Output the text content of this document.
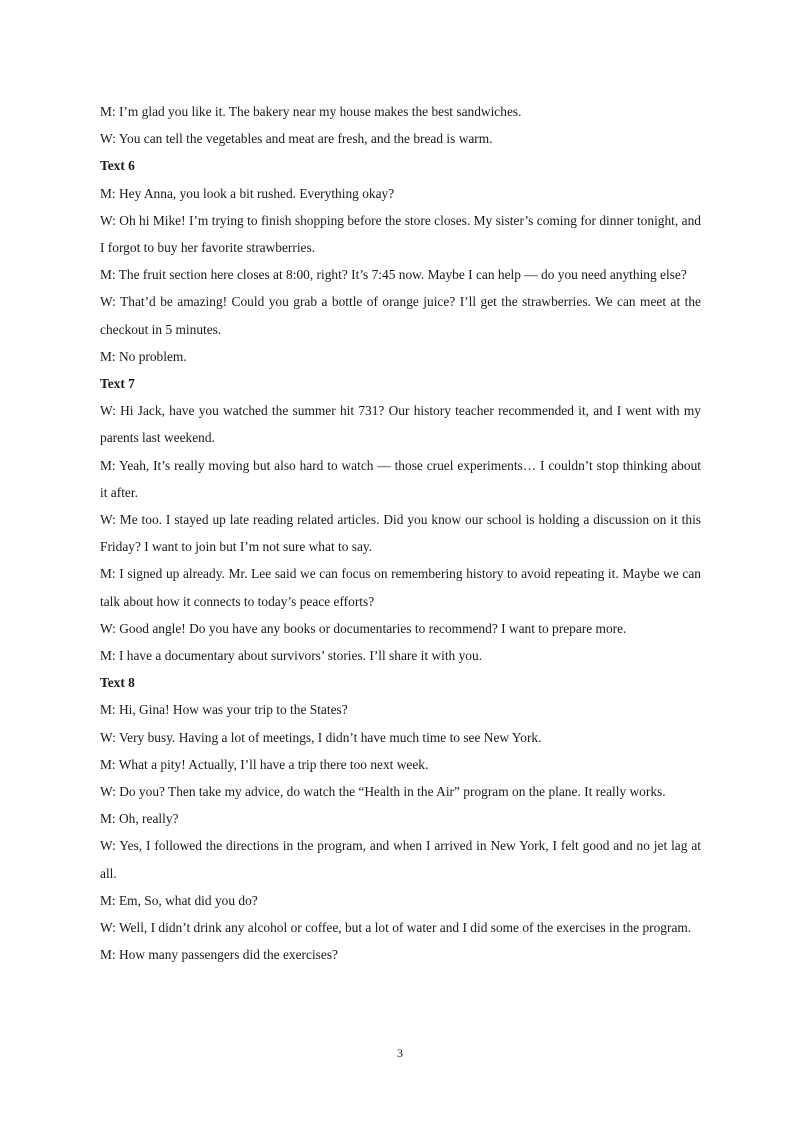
M: I’m glad you like it. The bakery near my house makes the best sandwiches.

W: You can tell the vegetables and meat are fresh, and the bread is warm.

Text 6

M: Hey Anna, you look a bit rushed. Everything okay?

W: Oh hi Mike! I’m trying to finish shopping before the store closes. My sister’s coming for dinner tonight, and I forgot to buy her favorite strawberries.

M: The fruit section here closes at 8:00, right? It’s 7:45 now. Maybe I can help — do you need anything else?

W: That’d be amazing! Could you grab a bottle of orange juice? I’ll get the strawberries. We can meet at the checkout in 5 minutes.

M: No problem.

Text 7

W: Hi Jack, have you watched the summer hit 731? Our history teacher recommended it, and I went with my parents last weekend.

M: Yeah, It’s really moving but also hard to watch — those cruel experiments… I couldn’t stop thinking about it after.

W: Me too. I stayed up late reading related articles. Did you know our school is holding a discussion on it this Friday? I want to join but I’m not sure what to say.

M: I signed up already. Mr. Lee said we can focus on remembering history to avoid repeating it. Maybe we can talk about how it connects to today’s peace efforts?

W: Good angle! Do you have any books or documentaries to recommend? I want to prepare more.

M: I have a documentary about survivors’ stories. I’ll share it with you.

Text 8

M: Hi, Gina! How was your trip to the States?

W: Very busy. Having a lot of meetings, I didn’t have much time to see New York.

M: What a pity! Actually, I’ll have a trip there too next week.

W: Do you? Then take my advice, do watch the “Health in the Air” program on the plane. It really works.

M: Oh, really?

W: Yes, I followed the directions in the program, and when I arrived in New York, I felt good and no jet lag at all.

M: Em, So, what did you do?

W: Well, I didn’t drink any alcohol or coffee, but a lot of water and I did some of the exercises in the program.

M: How many passengers did the exercises?

3
